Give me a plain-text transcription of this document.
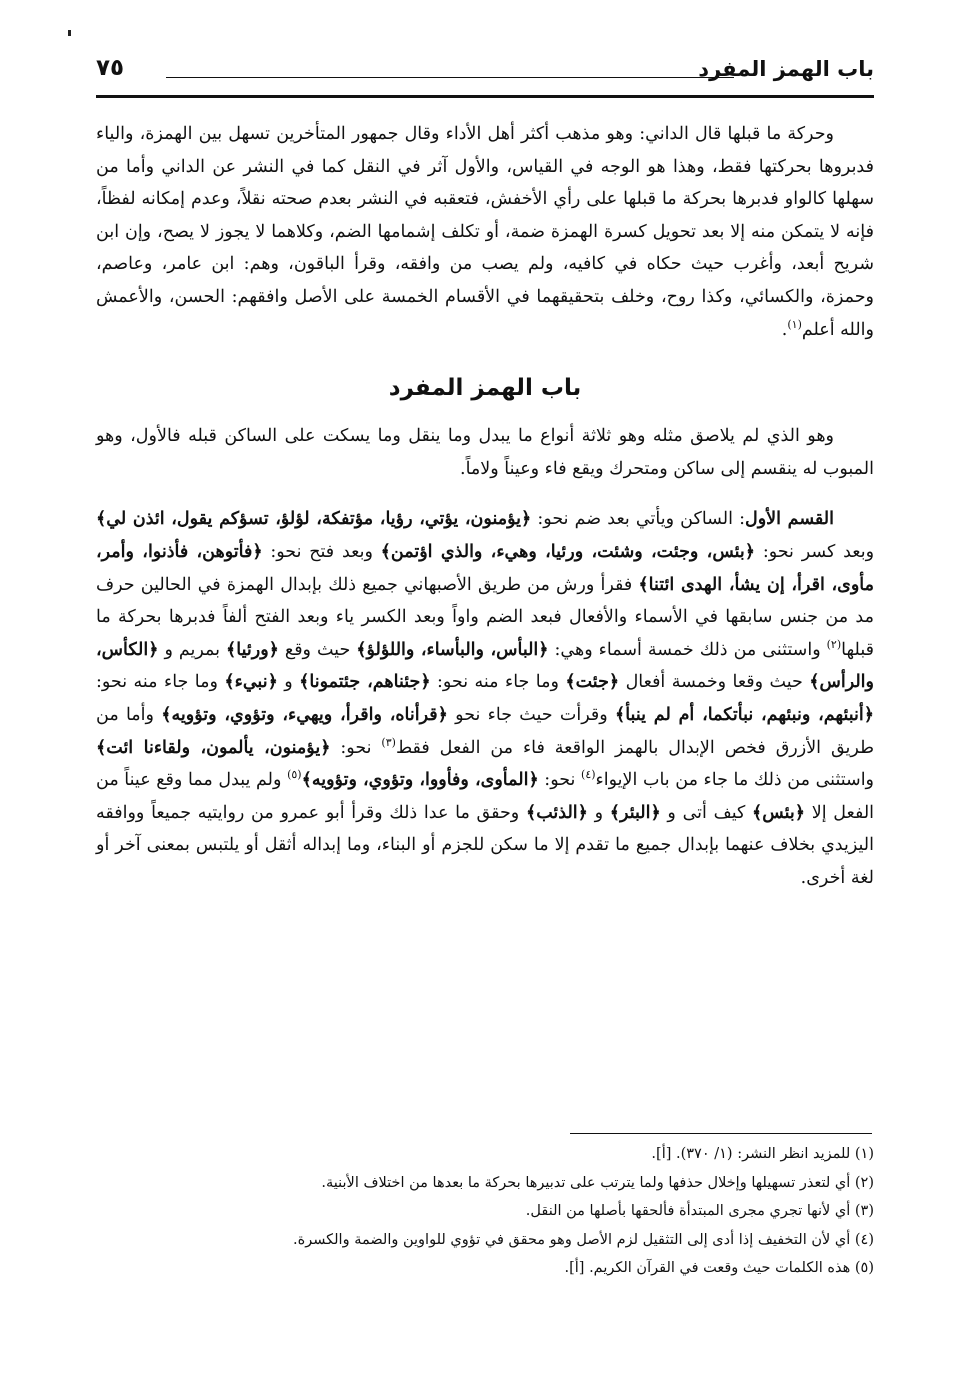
باب الهمز المفرد
٧٥

وحركة ما قبلها قال الداني: وهو مذهب أكثر أهل الأداء وقال جمهور المتأخرين تسهل بين الهمزة، والياء فدبروها بحركتها فقط، وهذا هو الوجه في القياس، والأول آثر في النقل كما في النشر عن الداني وأما من سهلها كالواو فدبرها بحركة ما قبلها على رأي الأخفش، فتعقبه في النشر بعدم صحته نقلاً، وعدم إمكانه لفظاً، فإنه لا يتمكن منه إلا بعد تحويل كسرة الهمزة ضمة، أو تكلف إشمامها الضم، وكلاهما لا يجوز لا يصح، وإن ابن شريح أبعد، وأغرب حيث حكاه في كافيه، ولم يصب من وافقه، وقرأ الباقون، وهم: ابن عامر، وعاصم، وحمزة، والكسائي، وكذا روح، وخلف بتحقيقهما في الأقسام الخمسة على الأصل وافقهم: الحسن، والأعمش والله أعلم$^{(١)}$.

باب الهمز المفرد

وهو الذي لم يلاصق مثله وهو ثلاثة أنواع ما يبدل وما ينقل وما يسكت على الساكن قبله فالأول، وهو المبوب له ينقسم إلى ساكن ومتحرك ويقع فاء وعيناً ولاماً.

القسم الأول: الساكن ويأتي بعد ضم نحو: ﴿يؤمنون، يؤتي، رؤيا، مؤتفكة، لؤلؤ، تسؤكم يقول، ائذن لي﴾ وبعد كسر نحو: ﴿بئس، وجئت، وشئت، ورئيا، وهيء، والذي اؤتمن﴾ وبعد فتح نحو: ﴿فأتوهن، فأذنوا، وأمر، مأوى، اقرأ، إن يشأ، الهدى ائتنا﴾ فقرأ ورش من طريق الأصبهاني جميع ذلك بإبدال الهمزة في الحالين حرف مد من جنس سابقها في الأسماء والأفعال فبعد الضم واواً وبعد الكسر ياء وبعد الفتح ألفاً فدبرها بحركة ما قبلها$^{(٢)}$ واستثنى من ذلك خمسة أسماء وهي: ﴿البأس، والبأساء، واللؤلؤ﴾ حيث وقع ﴿ورئيا﴾ بمريم و ﴿الكأس، والرأس﴾ حيث وقعا وخمسة أفعال ﴿جئت﴾ وما جاء منه نحو: ﴿جئناهم، جئتمونا﴾ و ﴿نبيء﴾ وما جاء منه نحو: ﴿أنبئهم، ونبئهم، نبأتكما، أم لم ينبأ﴾ وقرأت حيث جاء نحو ﴿قرأناه، واقرأ، ويهيء، وتؤوي، وتؤويه﴾ وأما من طريق الأزرق فخص الإبدال بالهمز الواقعة فاء من الفعل فقط$^{(٣)}$ نحو: ﴿يؤمنون، يألمون، ولقاءنا ائت﴾ واستثنى من ذلك ما جاء من باب الإيواء$^{(٤)}$ نحو: ﴿المأوى، وفأووا، وتؤوي، وتؤويه﴾$^{(٥)}$ ولم يبدل مما وقع عيناً من الفعل إلا ﴿بئس﴾ كيف أتى و ﴿البئر﴾ و ﴿الذئب﴾ وحقق ما عدا ذلك وقرأ أبو عمرو من روايتيه جميعاً ووافقه اليزيدي بخلاف عنهما بإبدال جميع ما تقدم إلا ما سكن للجزم أو البناء، وما إبداله أثقل أو يلتبس بمعنى آخر أو لغة أخرى.

(١) للمزيد انظر النشر: (١/ ٣٧٠). [أ].

(٢) أي لتعذر تسهيلها وإخلال حذفها ولما يترتب على تدبيرها بحركة ما بعدها من اختلاف الأبنية.

(٣) أي لأنها تجري مجرى المبتدأة فألحقها بأصلها من النقل.

(٤) أي لأن التخفيف إذا أدى إلى التثقيل لزم الأصل وهو محقق في تؤوي للواوين والضمة والكسرة.

(٥) هذه الكلمات حيث وقعت في القرآن الكريم. [أ].
